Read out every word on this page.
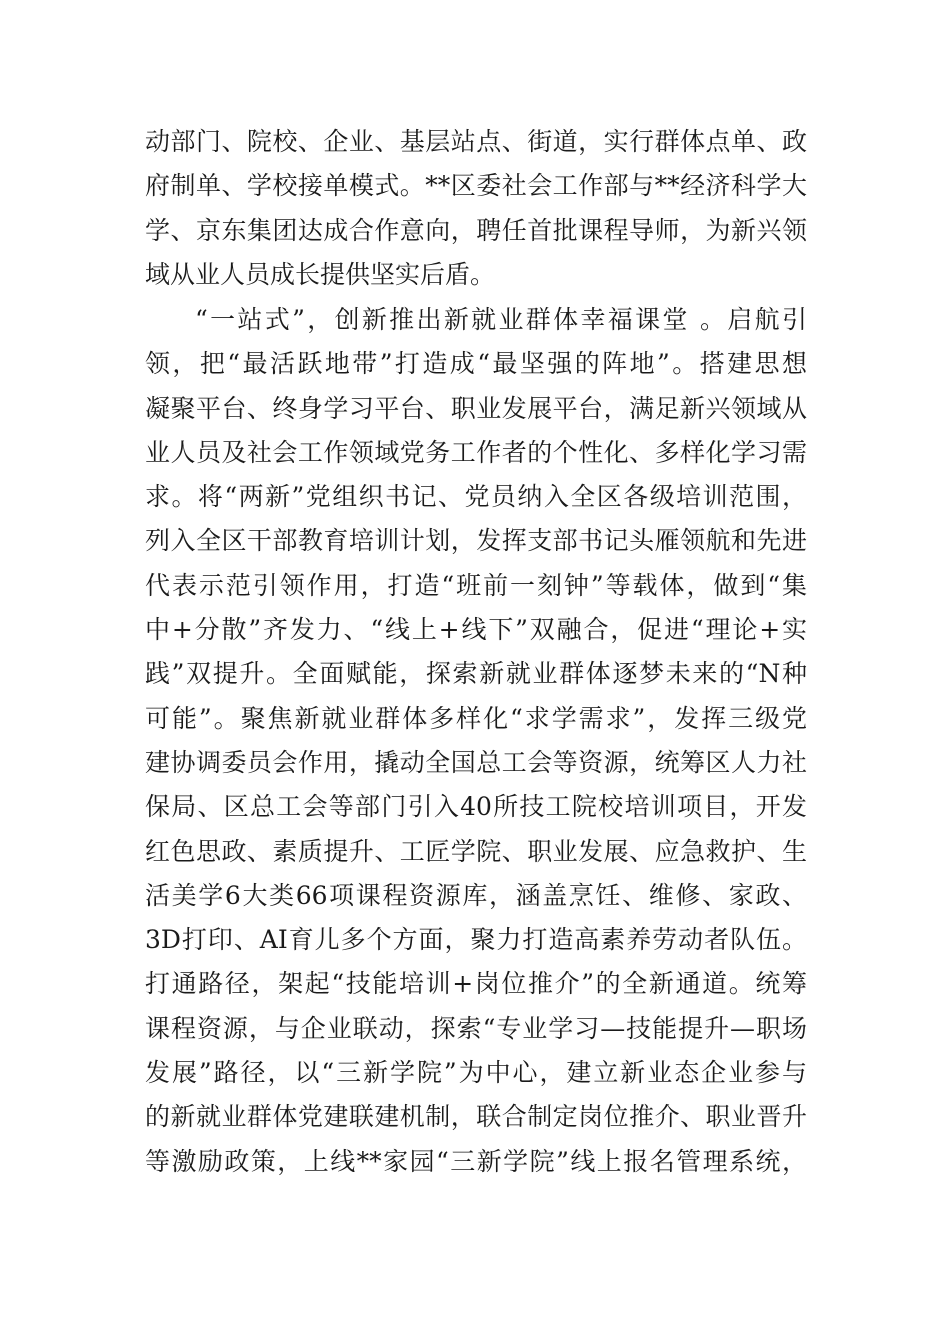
动部门、院校、企业、基层站点、街道，实行群体点单、政
府制单、学校接单模式。**区委社会工作部与**经济科学大
学、京东集团达成合作意向，聘任首批课程导师，为新兴领
域从业人员成长提供坚实后盾。
“一站式”，创新推出新就业群体幸福课堂 。启航引
领，把“最活跃地带”打造成“最坚强的阵地”。搭建思想
凝聚平台、终身学习平台、职业发展平台，满足新兴领域从
业人员及社会工作领域党务工作者的个性化、多样化学习需
求。将“两新”党组织书记、党员纳入全区各级培训范围，
列入全区干部教育培训计划，发挥支部书记头雁领航和先进
代表示范引领作用，打造“班前一刻钟”等载体，做到“集
中+分散”齐发力、“线上+线下”双融合，促进“理论+实
践”双提升。全面赋能，探索新就业群体逐梦未来的“N种
可能”。聚焦新就业群体多样化“求学需求”，发挥三级党
建协调委员会作用，撬动全国总工会等资源，统筹区人力社
保局、区总工会等部门引入40所技工院校培训项目，开发
红色思政、素质提升、工匠学院、职业发展、应急救护、生
活美学6大类66项课程资源库，涵盖烹饪、维修、家政、
3D打印、AI育儿多个方面，聚力打造高素养劳动者队伍。
打通路径，架起“技能培训+岗位推介”的全新通道。统筹
课程资源，与企业联动，探索“专业学习—技能提升—职场
发展”路径，以“三新学院”为中心，建立新业态企业参与
的新就业群体党建联建机制，联合制定岗位推介、职业晋升
等激励政策，上线**家园“三新学院”线上报名管理系统，
